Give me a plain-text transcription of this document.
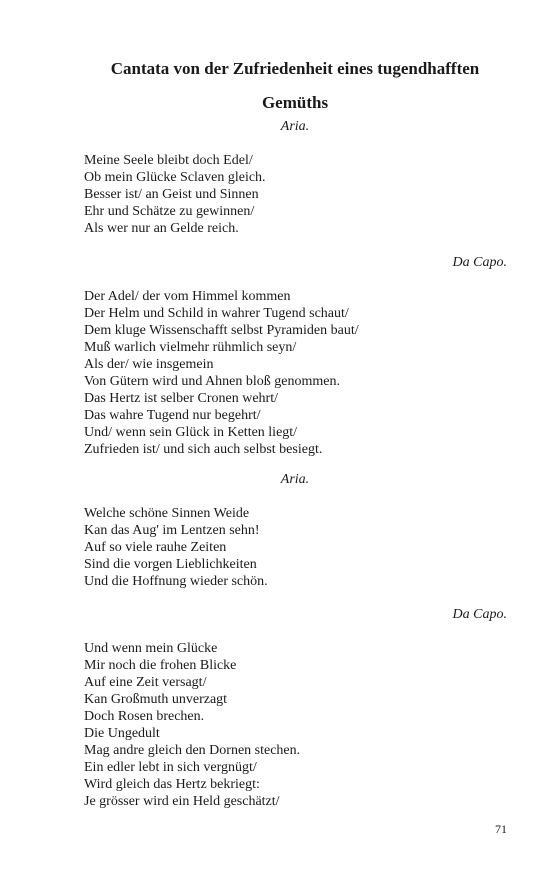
Cantata von der Zufriedenheit eines tugendhafften
Gemüths

Aria.

Meine Seele bleibt doch Edel/
Ob mein Glücke Sclaven gleich.
Besser ist/ an Geist und Sinnen
Ehr und Schätze zu gewinnen/
Als wer nur an Gelde reich.

Da Capo.

Der Adel/ der vom Himmel kommen
Der Helm und Schild in wahrer Tugend schaut/
Dem kluge Wissenschafft selbst Pyramiden baut/
Muß warlich vielmehr rühmlich seyn/
Als der/ wie insgemein
Von Gütern wird und Ahnen bloß genommen.
Das Hertz ist selber Cronen wehrt/
Das wahre Tugend nur begehrt/
Und/ wenn sein Glück in Ketten liegt/
Zufrieden ist/ und sich auch selbst besiegt.

Aria.

Welche schöne Sinnen Weide
Kan das Aug' im Lentzen sehn!
Auf so viele rauhe Zeiten
Sind die vorgen Lieblichkeiten
Und die Hoffnung wieder schön.

Da Capo.

Und wenn mein Glücke
Mir noch die frohen Blicke
Auf eine Zeit versagt/
Kan Großmuth unverzagt
Doch Rosen brechen.
Die Ungedult
Mag andre gleich den Dornen stechen.
Ein edler lebt in sich vergnügt/
Wird gleich das Hertz bekriegt:
Je grösser wird ein Held geschätzt/

71
